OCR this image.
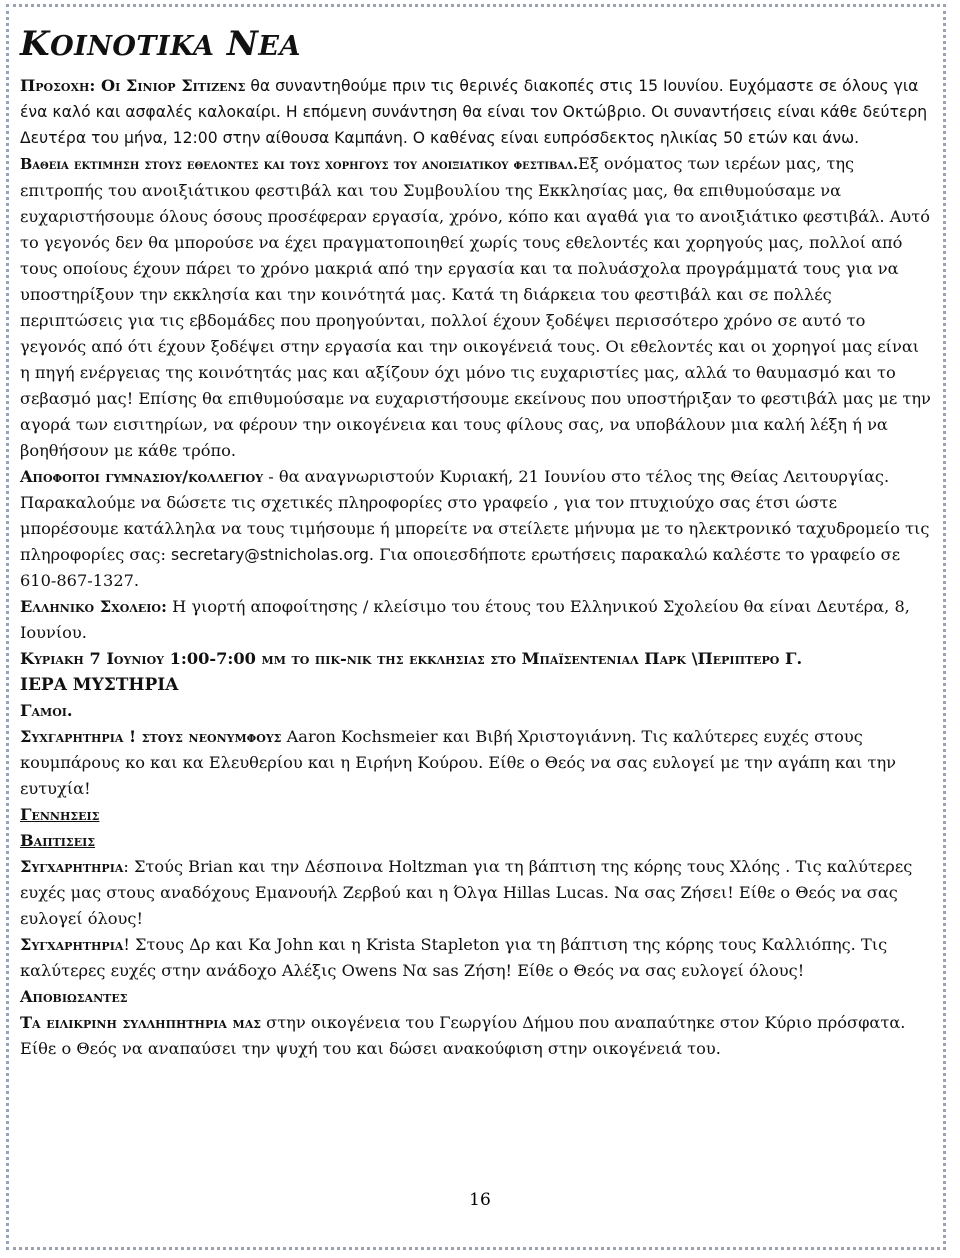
KOINOTIKA NEA

Προσοχη: Οι Σινιορ Σιτιζενς θα συναντηθούμε πριν τις θερινές διακοπές στις 15 Ιουνίου. Ευχόμαστε σε όλους για ένα καλό και ασφαλές καλοκαίρι. Η επόμενη συνάντηση θα είναι τον Οκτώβριο. Οι συναντήσεις είναι κάθε δεύτερη Δευτέρα του μήνα, 12:00 στην αίθουσα Καμπάνη. Ο καθένας είναι ευπρόσδεκτος ηλικίας 50 ετών και άνω.

Βαθεια εκτιμηση στους εθελοντες και τους χορηγους του ανοιξιατικου φεστιβαλ.Εξ ονόματος των ιερέων μας, της επιτροπής του ανοιξιάτικου φεστιβάλ και του Συμβουλίου της Εκκλησίας μας, θα επιθυμούσαμε να ευχαριστήσουμε όλους όσους προσέφεραν εργασία, χρόνο, κόπο και αγαθά για το ανοιξιάτικο φεστιβάλ. Αυτό το γεγονός δεν θα μπορούσε να έχει πραγματοποιηθεί χωρίς τους εθελοντές και χορηγούς μας, πολλοί από τους οποίους έχουν πάρει το χρόνο μακριά από την εργασία και τα πολυάσχολα προγράμματά τους για να υποστηρίξουν την εκκλησία και την κοινότητά μας. Κατά τη διάρκεια του φεστιβάλ και σε πολλές περιπτώσεις για τις εβδομάδες που προηγούνται, πολλοί έχουν ξοδέψει περισσότερο χρόνο σε αυτό το γεγονός από ότι έχουν ξοδέψει στην εργασία και την οικογένειά τους. Οι εθελοντές και οι χορηγοί μας είναι η πηγή ενέργειας της κοινότητάς μας και αξίζουν όχι μόνο τις ευχαριστίες μας, αλλά το θαυμασμό και το σεβασμό μας! Επίσης θα επιθυμούσαμε να ευχαριστήσουμε εκείνους που υποστήριξαν το φεστιβάλ μας με την αγορά των εισιτηρίων, να φέρουν την οικογένεια και τους φίλους σας, να υποβάλουν μια καλή λέξη ή να βοηθήσουν με κάθε τρόπο.

Αποφοιτοι γυμνασιου/κολλεγιου - θα αναγνωριστούν Κυριακή, 21 Ιουνίου στο τέλος της Θείας Λειτουργίας. Παρακαλούμε να δώσετε τις σχετικές πληροφορίες στο γραφείο , για τον πτυχιούχο σας έτσι ώστε μπορέσουμε κατάλληλα να τους τιμήσουμε ή μπορείτε να στείλετε μήνυμα με το ηλεκτρονικό ταχυδρομείο τις πληροφορίες σας: secretary@stnicholas.org. Για οποιεσδήποτε ερωτήσεις παρακαλώ καλέστε το γραφείο σε 610-867-1327.

Ελληνικο Σχολειο: Η γιορτή αποφοίτησης / κλείσιμο του έτους του Ελληνικού Σχολείου θα είναι Δευτέρα, 8, Ιουνίου.

Κυριακη 7 Ιουνιου 1:00-7:00 μμ το πικ-νικ της εκκλησιας στο Μπαϊσεντενιαλ Παρκ \Περιπτερο Γ.

ΙΕΡΑ ΜΥΣΤΗΡΙΑ

Γαμοι.

Συχγαρητηρια ! στους νεονυμφους Aaron Kochsmeier και Βιβή Χριστογιάννη. Τις καλύτερες ευχές στους κουμπάρους κο και κα Ελευθερίου και η Ειρήνη Κούρου. Είθε ο Θεός να σας ευλογεί με την αγάπη και την ευτυχία!

Γεννησεις

Βαπτισεις

Συγχαρητηρια: Στούς Brian και την Δέσποινα Holtzman για τη βάπτιση της κόρης τους Χλόης . Τις καλύτερες ευχές μας στους αναδόχους Εμανουήλ Ζερβού και η Όλγα Hillas Lucas. Να σας Ζήσει! Είθε ο Θεός να σας ευλογεί όλους!

Συγχαρητηρια! Στους Δρ και Κα John και η Krista Stapleton για τη βάπτιση της κόρης τους Καλλιόπης. Τις καλύτερες ευχές στην ανάδοχο Αλέξις Owens Να sas Ζήση! Είθε ο Θεός να σας ευλογεί όλους!

Αποβιωσαντες

Τα ειλικρινη συλληπητηρια μας στην οικογένεια του Γεωργίου Δήμου που αναπαύτηκε στον Κύριο πρόσφατα. Είθε ο Θεός να αναπαύσει την ψυχή του και δώσει ανακούφιση στην οικογένειά του.

16
